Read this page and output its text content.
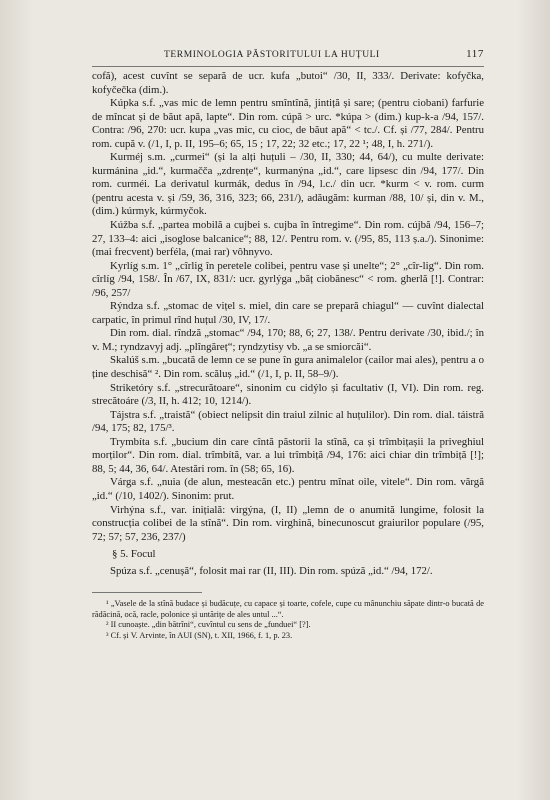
TERMINOLOGIA PĂSTORITULUI LA HUȚULI	117

cofă), acest cuvînt se separă de ucr. kufa „butoi“ /30, II, 333/. Derivate: kofyčka, kofyčečka (dim.).

Kúpka s.f. „vas mic de lemn pentru smîntînă, jintiță și sare; (pentru ciobani) farfurie de mîncat și de băut apă, lapte“. Din rom. cúpă > urc. *kúpa > (dim.) kup-k-a /94, 157/. Contra: /96, 270: ucr. kupa „vas mic, cu cioc, de băut apă“ < tc./. Cf. și /77, 284/. Pentru rom. cupă v. (/1, I, p. II, 195–6; 65, 15 ; 17, 22; 32 etc.; 17, 22 ¹; 48, I, h. 271/).

Kurméj s.m. „curmei“ (și la alți huțuli – /30, II, 330; 44, 64/), cu multe derivate: kurmánina „id.“, kurmačča „zdrențe“, kurmanýna „id.“, care lipsesc din /94, 177/. Din rom. curméi. La derivatul kurmák, dedus în /94, l.c./ din ucr. *kurm < v. rom. curm (pentru acesta v. și /59, 36, 316, 323; 66, 231/), adăugăm: kurman /88, 10/ și, din v. M., (dim.) kúrmyk, kúrmyčok.

Kúžba s.f. „partea mobilă a cujbei s. cujba în întregime“. Din rom. cújbă /94, 156–7; 27, 133–4: aici „isoglose balcanice“; 88, 12/. Pentru rom. v. (/95, 85, 113 ș.a./). Sinonime: (mai frecvent) berféla, (mai rar) vôhnyvo.

Kyrlíg s.m. 1° „cîrlig în peretele colibei, pentru vase și unelte“; 2° „cîr-lig“. Din rom. cîrlíg /94, 158/. În /67, IX, 831/: ucr. gyrlýga „băț ciobănesc“ < rom. gherlă [!]. Contrar: /96, 257/

Rýndza s.f. „stomac de vițel s. miel, din care se prepară chiagul“ — cuvînt dialectal carpatic, în primul rînd huțul /30, IV, 17/.

Din rom. dial. rîndză „stomac“ /94, 170; 88, 6; 27, 138/. Pentru derivate /30, ibid./; în v. M.; ryndzavyj adj. „plîngăreț“; ryndzytisy vb. „a se smiorcăi“.

Skalúš s.m. „bucată de lemn ce se pune în gura animalelor (cailor mai ales), pentru a o ține deschisă“ ². Din rom. scăluș „id.“ (/1, I, p. II, 58–9/).

Striketóry s.f. „strecurătoare“, sinonim cu cidýlo și facultativ (I, VI). Din rom. reg. strecătoáre (/3, II, h. 412; 10, 1214/).

Tájstra s.f. „traistă“ (obiect nelipsit din traiul zilnic al huțulilor). Din rom. dial. táistră /94, 175; 82, 175/³.

Trymbíta s.f. „bucium din care cîntă păstorii la stînă, ca și trîmbițașii la priveghiul morților“. Din rom. dial. trîmbítă, var. a lui trîmbiță /94, 176: aici chiar din trîmbiță [!]; 88, 5; 44, 36, 64/. Atestări rom. în (58; 65, 16).

Várga s.f. „nuia (de alun, mesteacăn etc.) pentru mînat oile, vitele“. Din rom. vărgă „id.“ (/10, 1402/). Sinonim: prut.

Virhýna s.f., var. inițială: virgýna, (I, II) „lemn de o anumită lungime, folosit la construcția colibei de la stînă“. Din rom. virghină, binecunoscut graiurilor populare (/95, 72; 57; 57, 236, 237/)

§ 5. Focul

Spúza s.f. „cenușă“, folosit mai rar (II, III). Din rom. spúză „id.“ /94, 172/.

¹ „Vasele de la stînă budace și budăcuțe, cu capace și toarte, cofele, cupe cu mânunchiu săpate dintr-o bucată de rădăcină, ocă, racle, polonice și untărițe de ales untul ...“.

² II cunoaște. „din bătrîni“, cuvîntul cu sens de „funduei“ [?].

³ Cf. și V. Arvinte, în AUI (SN), t. XII, 1966, f. 1, p. 23.
